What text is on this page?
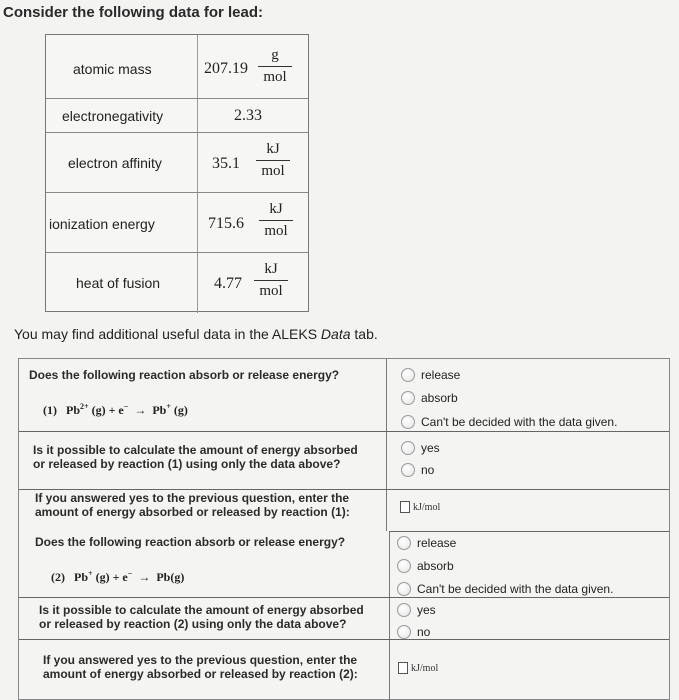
Consider the following data for lead:
atomic mass	207.19
g
mol
electronegativity	2.33
electron affinity	35.1
kJ
mol
ionization energy	715.6
kJ
mol
heat of fusion	4.77
kJ
mol
You may find additional useful data in the ALEKS Data tab.
Does the following reaction absorb or release energy?
(1) $Pb^{2+}$ (g) + e− → Pb+ (g)
release
absorb
Can't be decided with the data given.
Is it possible to calculate the amount of energy absorbed
or released by reaction (1) using only the data above?
yes
no
If you answered yes to the previous question, enter the
amount of energy absorbed or released by reaction (1):	kJ/mol
Does the following reaction absorb or release energy?
(2) Pb+ (g) + e− → Pb(g)
release
absorb
Can't be decided with the data given.
Is it possible to calculate the amount of energy absorbed
or released by reaction (2) using only the data above?
yes
no
If you answered yes to the previous question, enter the
amount of energy absorbed or released by reaction (2):	kJ/mol
